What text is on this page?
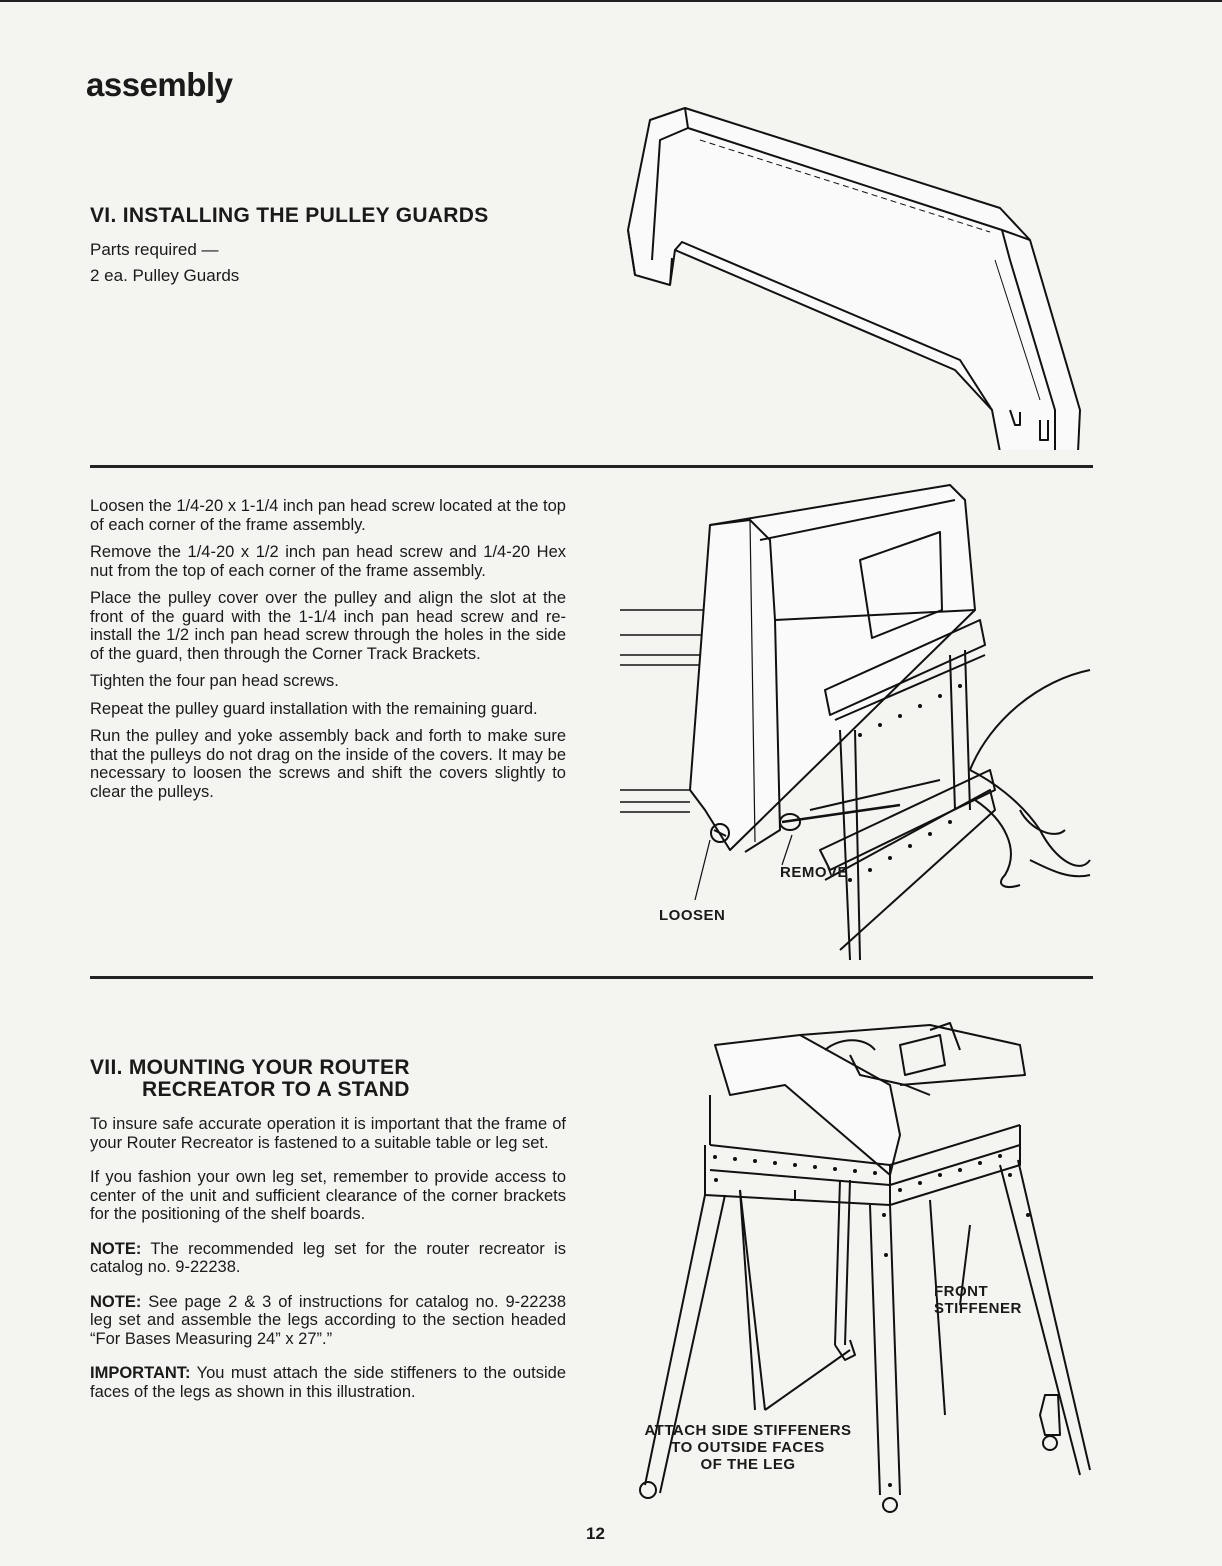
assembly
VI. INSTALLING THE PULLEY GUARDS
Parts required —
2 ea. Pulley Guards

Loosen the 1/4-20 x 1-1/4 inch pan head screw located at the top of each corner of the frame assembly.

Remove the 1/4-20 x 1/2 inch pan head screw and 1/4-20 Hex nut from the top of each corner of the frame assembly.

Place the pulley cover over the pulley and align the slot at the front of the guard with the 1-1/4 inch pan head screw and re-install the 1/2 inch pan head screw through the holes in the side of the guard, then through the Corner Track Brackets.

Tighten the four pan head screws.

Repeat the pulley guard installation with the remaining guard.

Run the pulley and yoke assembly back and forth to make sure that the pulleys do not drag on the inside of the covers. It may be necessary to loosen the screws and shift the covers slightly to clear the pulleys.

REMOVE
LOOSEN
VII. MOUNTING YOUR ROUTER
RECREATOR TO A STAND

To insure safe accurate operation it is important that the frame of your Router Recreator is fastened to a suitable table or leg set.

If you fashion your own leg set, remember to provide access to center of the unit and sufficient clearance of the corner brackets for the positioning of the shelf boards.

NOTE: The recommended leg set for the router recreator is catalog no. 9-22238.

NOTE: See page 2 & 3 of instructions for catalog no. 9-22238 leg set and assemble the legs according to the section headed “For Bases Measuring 24” x 27”.”

IMPORTANT: You must attach the side stiffeners to the outside faces of the legs as shown in this illustration.

FRONT
STIFFENER
ATTACH SIDE STIFFENERS
TO OUTSIDE FACES
OF THE LEG
12
